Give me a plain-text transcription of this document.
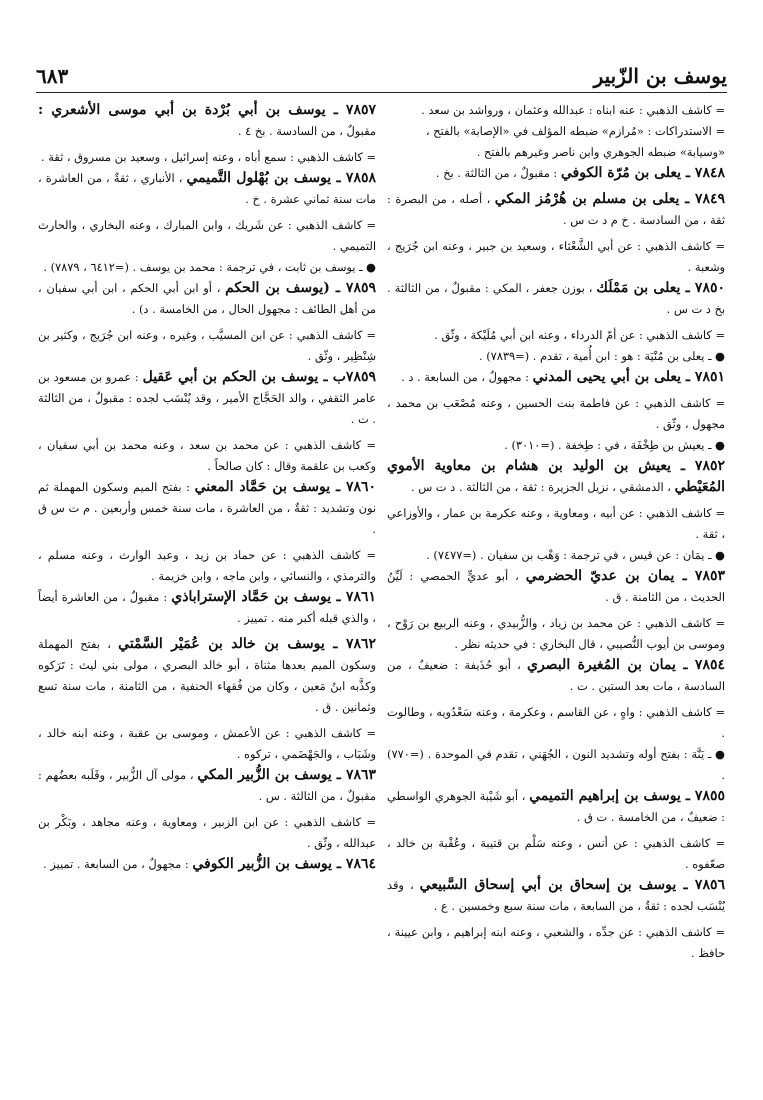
يوسف بن الزّبير
٦٨٣

= كاشف الذهبي : عنه ابناه : عبدالله وعثمان ، ورواشد بن سعد .

= الاستدراكات : «مُرازم» ضبطه المؤلف في «الإصابة» بالفتح ،

«وسيابة» ضبطه الجوهري وابن ناصر وغيرهم بالفتح .

٧٨٤٨ ـ يعلى بن مُرّة الكوفي : مقبولٌ ، من الثالثة . بخ .

٧٨٤٩ ـ يعلى بن مسلم بن هُرْمُز المكي ، أصله ، من البصرة : ثقة ، من السادسة . خ م د ت س .

= كاشف الذهبي : عن أبي الشَّعْثاء ، وسعيد بن جبير ، وعنه ابن جُرَيج ، وشعبة .

٧٨٥٠ ـ يعلى بن مَمْلَك ، بوزن جعفر ، المكي : مقبولٌ ، من الثالثة . بخ د ت س .

= كاشف الذهبي : عن أمّ الدرداء ، وعنه ابن أبي مُلَيْكة ، وثّق .

● ـ يعلى بن مُنْيَة : هو : ابن أُمية ، تقدم . (=٧٨٣٩) .

٧٨٥١ ـ يعلى بن أبي يحيى المدني : مجهولٌ ، من السابعة . د .

= كاشف الذهبي : عن فاطمة بنت الحسين ، وعنه مُصْعَب بن محمد ، مجهول ، وثّق .

● ـ يعيش بن طِخْفَة ، في : طِخفة . (=٣٠١٠) .

٧٨٥٢ ـ يعيش بن الوليد بن هشام بن معاوية الأموي المُعَيْطي ، الدمشقي ، نزيل الجزيرة : ثقة ، من الثالثة . د ت س .

= كاشف الذهبي : عن أبيه ، ومعاوية ، وعنه عكرمة بن عمار ، والأوزاعي ، ثقة .

● ـ يمَان : عن قيس ، في ترجمة : وَهْب بن سفيان . (=٧٤٧٧) .

٧٨٥٣ ـ يمان بن عديّ الحضرمي ، أبو عديٍّ الحمصي : لَيِّنُ الحديث ، من الثامنة . ق .

= كاشف الذهبي : عن محمد بن زياد ، والزُّبيدي ، وعنه الربيع بن رَوْح ، وموسى بن أيوب النُّصيبي ، قال البخاري : في حديثه نظر .

٧٨٥٤ ـ يمان بن المُغيرة البصري ، أبو حُذَيفة : ضعيفٌ ، من السادسة ، مات بعد الستين . ت .

= كاشف الذهبي : واهٍ ، عن القاسم ، وعكرمة ، وعنه سَعْدُويه ، وطالوت .

● ـ يَنَّة : بفتح أوله وتشديد النون ، الجُهَني ، تقدم في الموحدة . (=٧٧٠) .

٧٨٥٥ ـ يوسف بن إبراهيم التميمي ، أبو شَيْبة الجوهري الواسطي : ضعيفٌ ، من الخامسة . ت ق .

= كاشف الذهبي : عن أنس ، وعنه سَلْم بن قتيبة ، وعُقْبة بن خالد ، صعّفوه .

٧٨٥٦ ـ يوسف بن إسحاق بن أبي إسحاق السَّبيعي ، وقد يُنْسَب لجده : ثقةٌ ، من السابعة ، مات سنة سبع وخمسين . ع .

= كاشف الذهبي : عن جدِّه ، والشعبي ، وعنه ابنه إبراهيم ، وابن عيينة ، حافظ .

٧٨٥٧ ـ يوسف بن أبي بُرْدة بن أبي موسى الأشعري : مقبولٌ ، من السادسة . بخ ٤ .

= كاشف الذهبي : سمع أباه ، وعنه إسرائيل ، وسعيد بن مسروق ، ثقة .

٧٨٥٨ ـ يوسف بن بُهْلول التَّميمي ، الأنباري ، ثقةٌ ، من العاشرة ، مات سنة ثماني عشرة . خ .

= كاشف الذهبي : عن شَريك ، وابن المبارك ، وعنه البخاري ، والحارث التميمي .

● ـ يوسف بن ثابت ، في ترجمة : محمد بن يوسف . (=٦٤١٢ ، ٧٨٧٩) .

٧٨٥٩ ـ (يوسف بن الحكم ، أو ابن أبي الحكم ، ابن أبي سفيان ، من أهل الطائف : مجهول الحال ، من الخامسة . د) .

= كاشف الذهبي : عن ابن المسيَّب ، وغيره ، وعنه ابن جُرَيج ، وكثير بن شِنْظِير ، وثّق .

٧٨٥٩ب ـ يوسف بن الحكم بن أبي عَقيل : عمرو بن مسعود بن عامر الثقفي ، والد الحَجَّاج الأمير ، وقد يُنْسَب لجده : مقبولٌ ، من الثالثة . ت .

= كاشف الذهبي : عن محمد بن سعد ، وعنه محمد بن أبي سفيان ، وكعب بن علقمة وقال : كان صالحاً .

٧٨٦٠ ـ يوسف بن حَمَّاد المعني : بفتح الميم وسكون المهملة ثم نون وتشديد : ثقةٌ ، من العاشرة ، مات سنة خمس وأربعين . م ت س ق .

= كاشف الذهبي : عن حماد بن زيد ، وعبد الوارث ، وعنه مسلم ، والترمذي ، والنسائي ، وابن ماجه ، وابن خزيمة .

٧٨٦١ ـ يوسف بن حَمَّاد الإستراباذي : مقبولٌ ، من العاشرة أيضاً ، والذي قبله أكبر منه . تمييز .

٧٨٦٢ ـ يوسف بن خالد بن عُمَيْر السَّمْتي ، بفتح المهملة وسكون الميم بعدها مثناة ، أبو خالد البصري ، مولى بني ليث : تَرَكوه وكذَّبه ابنُ مَعين ، وكان من فُقهاء الحنفية ، من الثامنة ، مات سنة تسع وثمانين . ق .

= كاشف الذهبي : عن الأعمش ، وموسى بن عقبة ، وعنه ابنه خالد ، وشَبَاب ، والجَهْضَمي ، تركوه .

٧٨٦٣ ـ يوسف بن الزُّبير المكي ، مولى آل الزُّبير ، وقَلَبه بعضُهم : مقبولٌ ، من الثالثة . س .

= كاشف الذهبي : عن ابن الزبير ، ومعاوية ، وعنه مجاهد ، وبَكْر بن عبدالله ، وثّق .

٧٨٦٤ ـ يوسف بن الزُّبير الكوفي : مجهولٌ ، من السابعة . تمييز .
